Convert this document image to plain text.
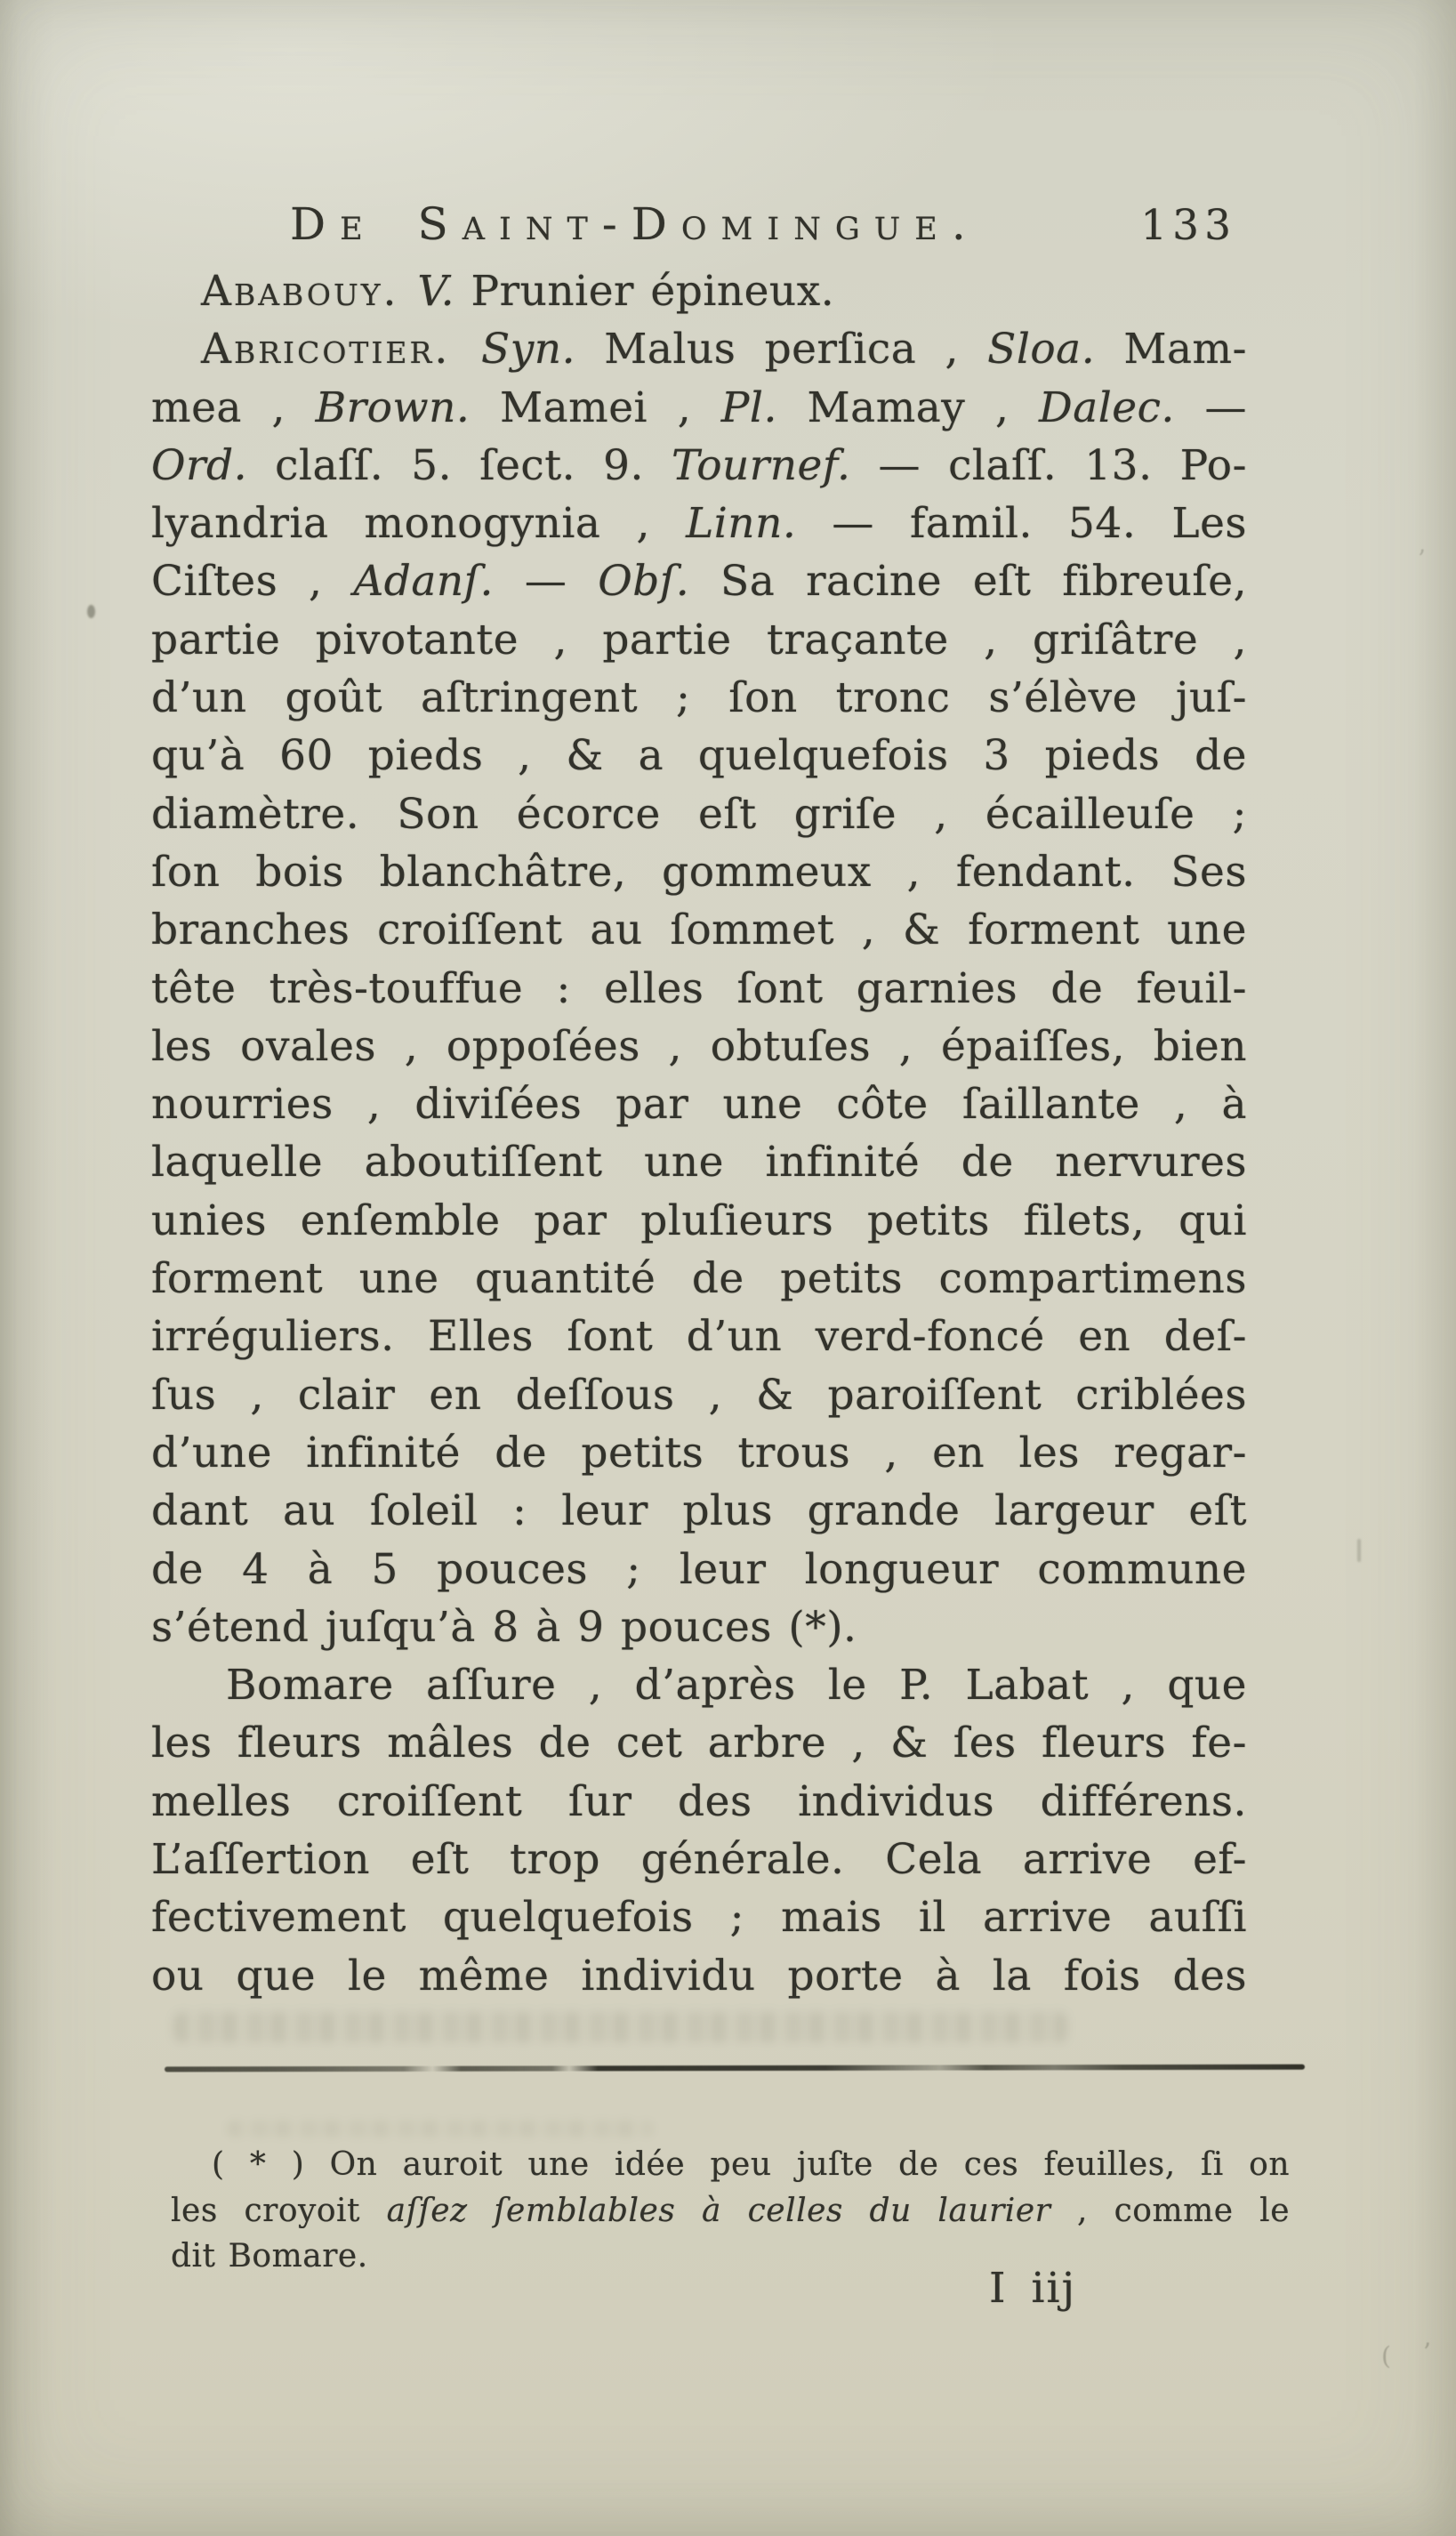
De Saint-Domingue.	133
Ababouy. V. Prunier épineux.
Abricotier. Syn. Malus perſica , Sloa. Mam-
mea , Brown. Mamei , Pl. Mamay , Dalec. —
Ord. claſſ. 5. ſect. 9. Tournef. — claſſ. 13. Po-
lyandria monogynia , Linn. — famil. 54. Les
Ciſtes , Adanſ. — Obſ. Sa racine eſt fibreuſe,
partie pivotante , partie traçante , griſâtre ,
d’un goût aſtringent ; ſon tronc s’élève juſ-
qu’à 60 pieds , & a quelquefois 3 pieds de
diamètre. Son écorce eſt griſe , écailleuſe ;
ſon bois blanchâtre, gommeux , fendant. Ses
branches croiſſent au ſommet , & forment une
tête très-touffue : elles ſont garnies de feuil-
les ovales , oppoſées , obtuſes , épaiſſes, bien
nourries , diviſées par une côte ſaillante , à
laquelle aboutiſſent une infinité de nervures
unies enſemble par pluſieurs petits filets, qui
forment une quantité de petits compartimens
irréguliers. Elles ſont d’un verd-foncé en deſ-
ſus , clair en deſſous , & paroiſſent criblées
d’une infinité de petits trous , en les regar-
dant au ſoleil : leur plus grande largeur eſt
de 4 à 5 pouces ; leur longueur commune
s’étend juſqu’à 8 à 9 pouces (*).
Bomare aſſure , d’après le P. Labat , que
les fleurs mâles de cet arbre , & ſes fleurs fe-
melles croiſſent ſur des individus différens.
L’aſſertion eſt trop générale. Cela arrive ef-
fectivement quelquefois ; mais il arrive auſſi
ou que le même individu porte à la fois des
( * ) On auroit une idée peu juſte de ces feuilles, ſi on
les croyoit aſſez ſemblables à celles du laurier , comme le
dit Bomare.
I iij
’
( ’
